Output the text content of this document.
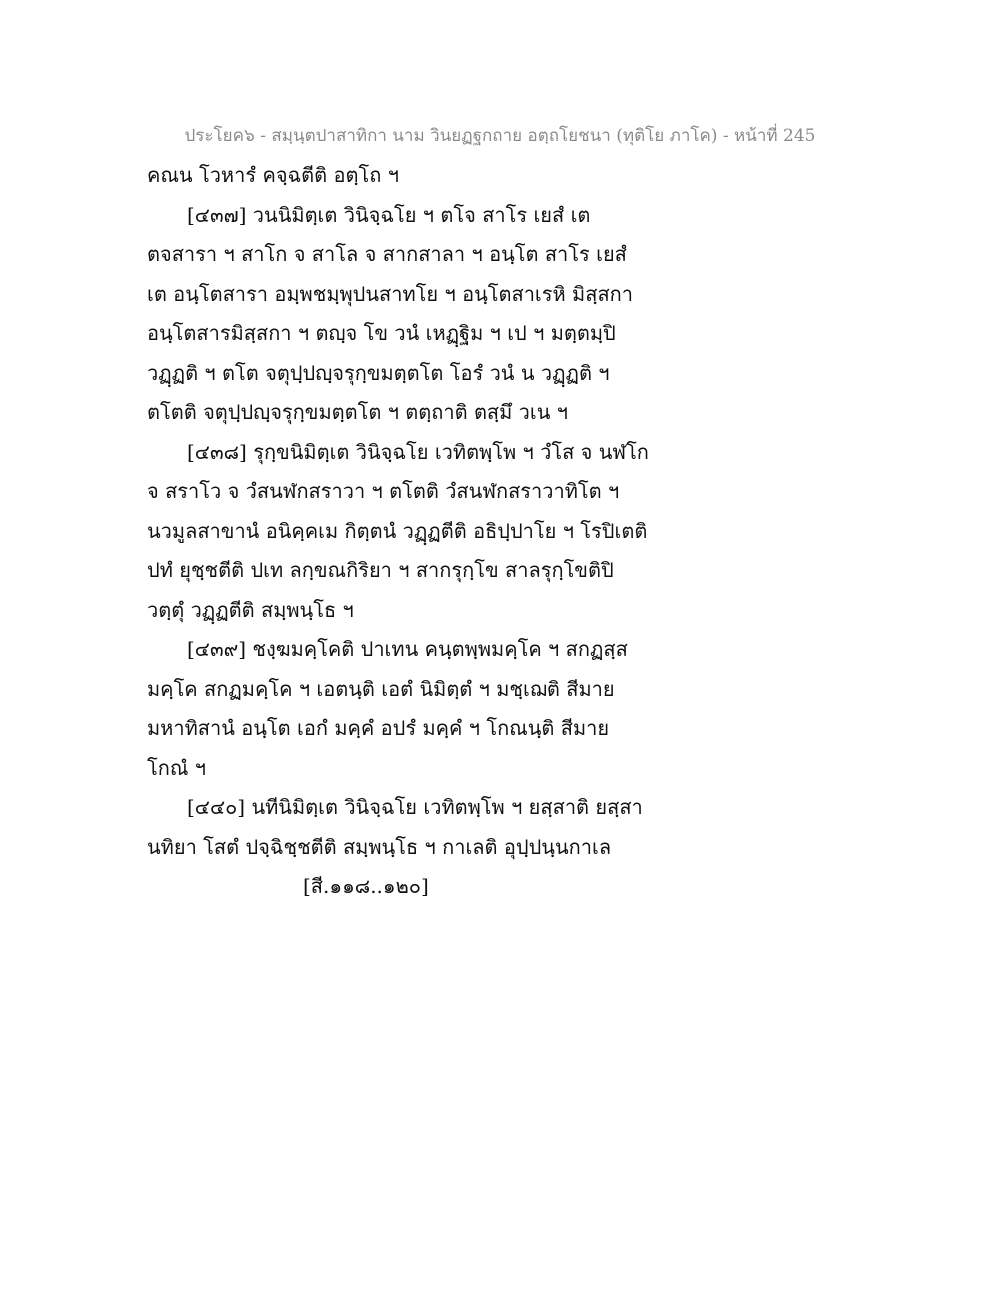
ประโยค๖ - สมฺนฺตปาสาทิกา นาม วินยฏฐกถาย อตฺถโยชนา (ทุติโย ภาโค) - หน้าที่ 245
คณน โวหารํ คจฺฉตีติ อตฺโถ ฯ
[๔๓๗] วนนิมิตฺเต วินิจฺฉโย ฯ ตโจ สาโร เยสํ เต
ตจสารา ฯ สาโก จ สาโล จ สากสาลา ฯ อนฺโต สาโร เยสํ
เต อนฺโตสารา อมฺพชมฺพุปนสาทโย ฯ อนฺโตสาเรหิ มิสฺสกา
อนฺโตสารมิสฺสกา ฯ ตญฺจ โข วนํ เหฏฺฐิม ฯ เป ฯ มตฺตมฺปิ
วฏฺฏติ ฯ ตโต จตุปฺปญฺจรุกฺขมตฺตโต โอรํ วนํ น วฏฺฏติ ฯ
ตโตติ จตุปฺปญฺจรุกฺขมตฺตโต ฯ ตตฺถาติ ตสฺมึ วเน ฯ
[๔๓๘] รุกฺขนิมิตฺเต วินิจฺฉโย เวทิตพฺโพ ฯ วํโส จ นฬโก
จ สราโว จ วํสนฬกสราวา ฯ ตโตติ วํสนฬกสราวาทิโต ฯ
นวมูลสาขานํ อนิคฺคเม กิตฺตนํ วฏฺฏตีติ อธิปฺปาโย ฯ โรปิเตติ
ปทํ ยุชฺชตีติ ปเท ลกฺขณกิริยา ฯ สากรุกฺโข สาลรุกฺโขติปิ
วตฺตุํ วฏฺฏตีติ สมฺพนฺโธ ฯ
[๔๓๙] ชงฺฆมคฺโคติ ปาเทน คนฺตพฺพมคฺโค ฯ สกฏสฺส
มคฺโค สกฏมคฺโค ฯ เอตนฺติ เอตํ นิมิตฺตํ ฯ มชฺเฌติ สีมาย
มหาทิสานํ อนฺโต เอกํ มคฺคํ อปรํ มคฺคํ ฯ โกณนฺติ สีมาย
โกณํ ฯ
[๔๔๐] นทีนิมิตฺเต วินิจฺฉโย เวทิตพฺโพ ฯ ยสฺสาติ ยสฺสา
นทิยา โสตํ ปจฺฉิชฺชตีติ สมฺพนฺโธ ฯ กาเลติ อุปฺปนฺนกาเล
[สี.๑๑๘..๑๒๐]
